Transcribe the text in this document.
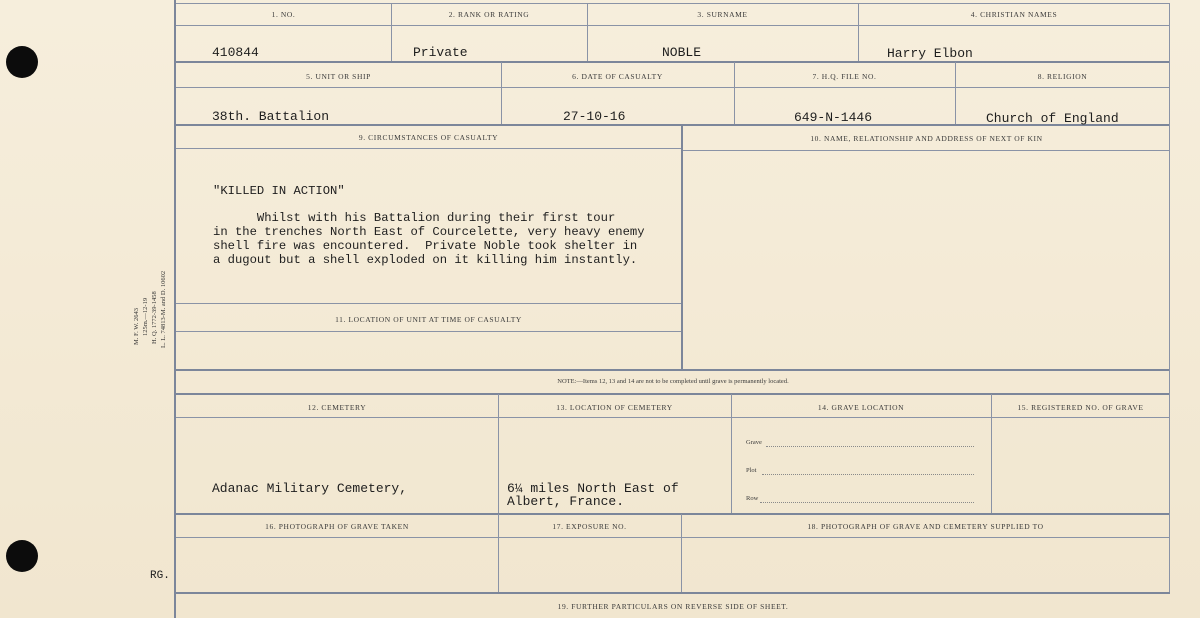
M. F. W. 2643 125m.—12-19 H. Q. 1772-39-1458 L. L. 74813-M. and D. 10602
RG.
1. NO.	2. RANK OR RATING	3. SURNAME	4. CHRISTIAN NAMES
410844	Private	NOBLE	Harry Elbon
5. UNIT OR SHIP	6. DATE OF CASUALTY	7. H.Q. FILE NO.	8. RELIGION
38th. Battalion	27-10-16	649-N-1446	Church of England
9. CIRCUMSTANCES OF CASUALTY	10. NAME, RELATIONSHIP AND ADDRESS OF NEXT OF KIN
11. LOCATION OF UNIT AT TIME OF CASUALTY
"KILLED IN ACTION"
Whilst with his Battalion during their first tour
in the trenches North East of Courcelette, very heavy enemy
shell fire was encountered.  Private Noble took shelter in
a dugout but a shell exploded on it killing him instantly.
NOTE:—Items 12, 13 and 14 are not to be completed until grave is permanently located.
12. CEMETERY	13. LOCATION OF CEMETERY	14. GRAVE LOCATION	15. REGISTERED NO. OF GRAVE
Adanac Military Cemetery,	6¼ miles North East of
Albert, France.
Grave
Plot
Row
16. PHOTOGRAPH OF GRAVE TAKEN	17. EXPOSURE NO.	18. PHOTOGRAPH OF GRAVE AND CEMETERY SUPPLIED TO
19. FURTHER PARTICULARS ON REVERSE SIDE OF SHEET.
